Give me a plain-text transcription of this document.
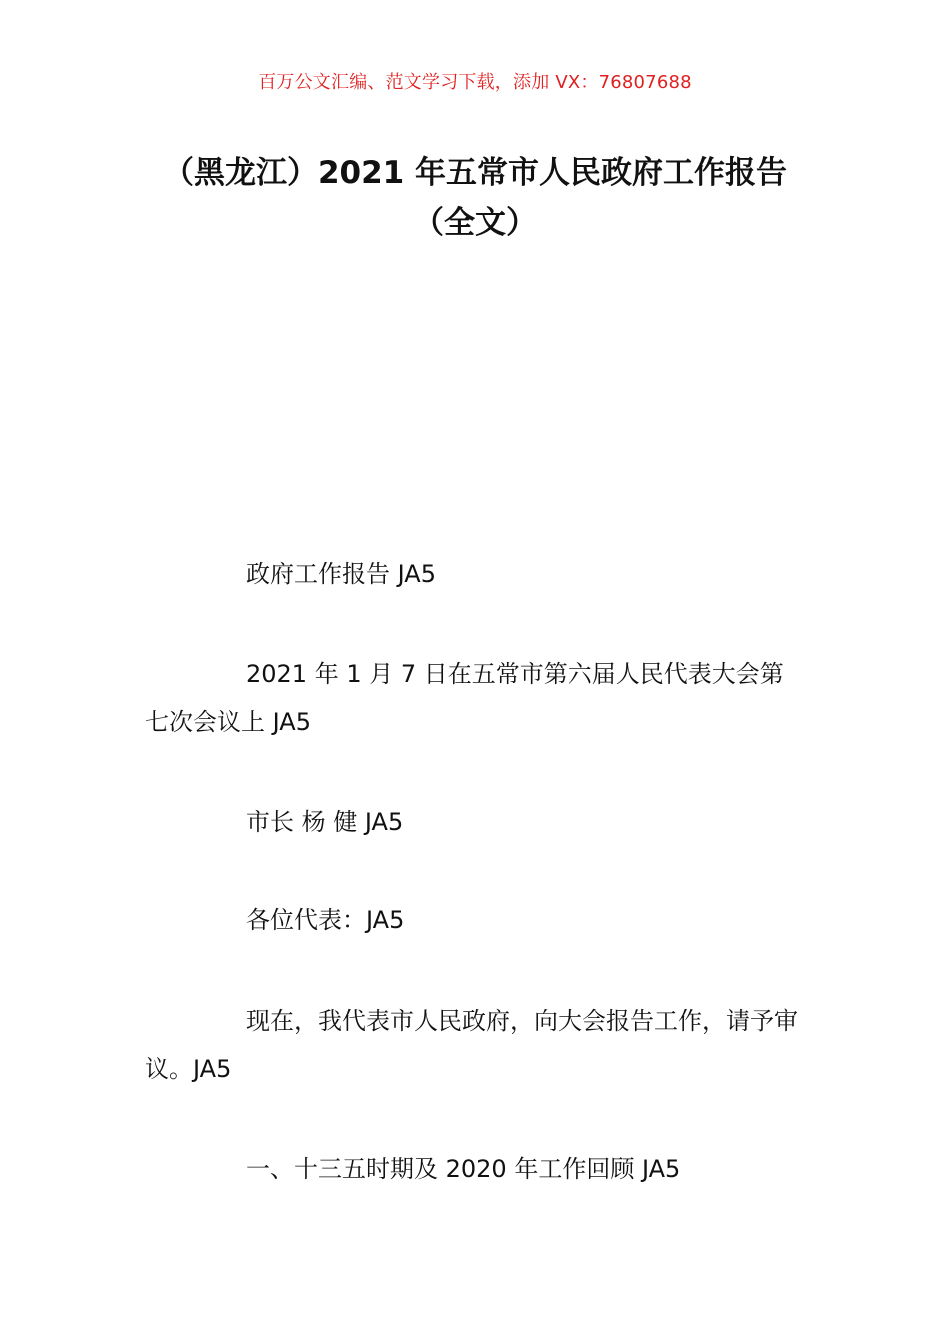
百万公文汇编、范文学习下载，添加 VX：76807688
（黑龙江）2021 年五常市人民政府工作报告（全文）
政府工作报告 JA5
2021 年 1 月 7 日在五常市第六届人民代表大会第七次会议上 JA5
市长 杨 健 JA5
各位代表：JA5
现在，我代表市人民政府，向大会报告工作，请予审议。JA5
一、十三五时期及 2020 年工作回顾 JA5
